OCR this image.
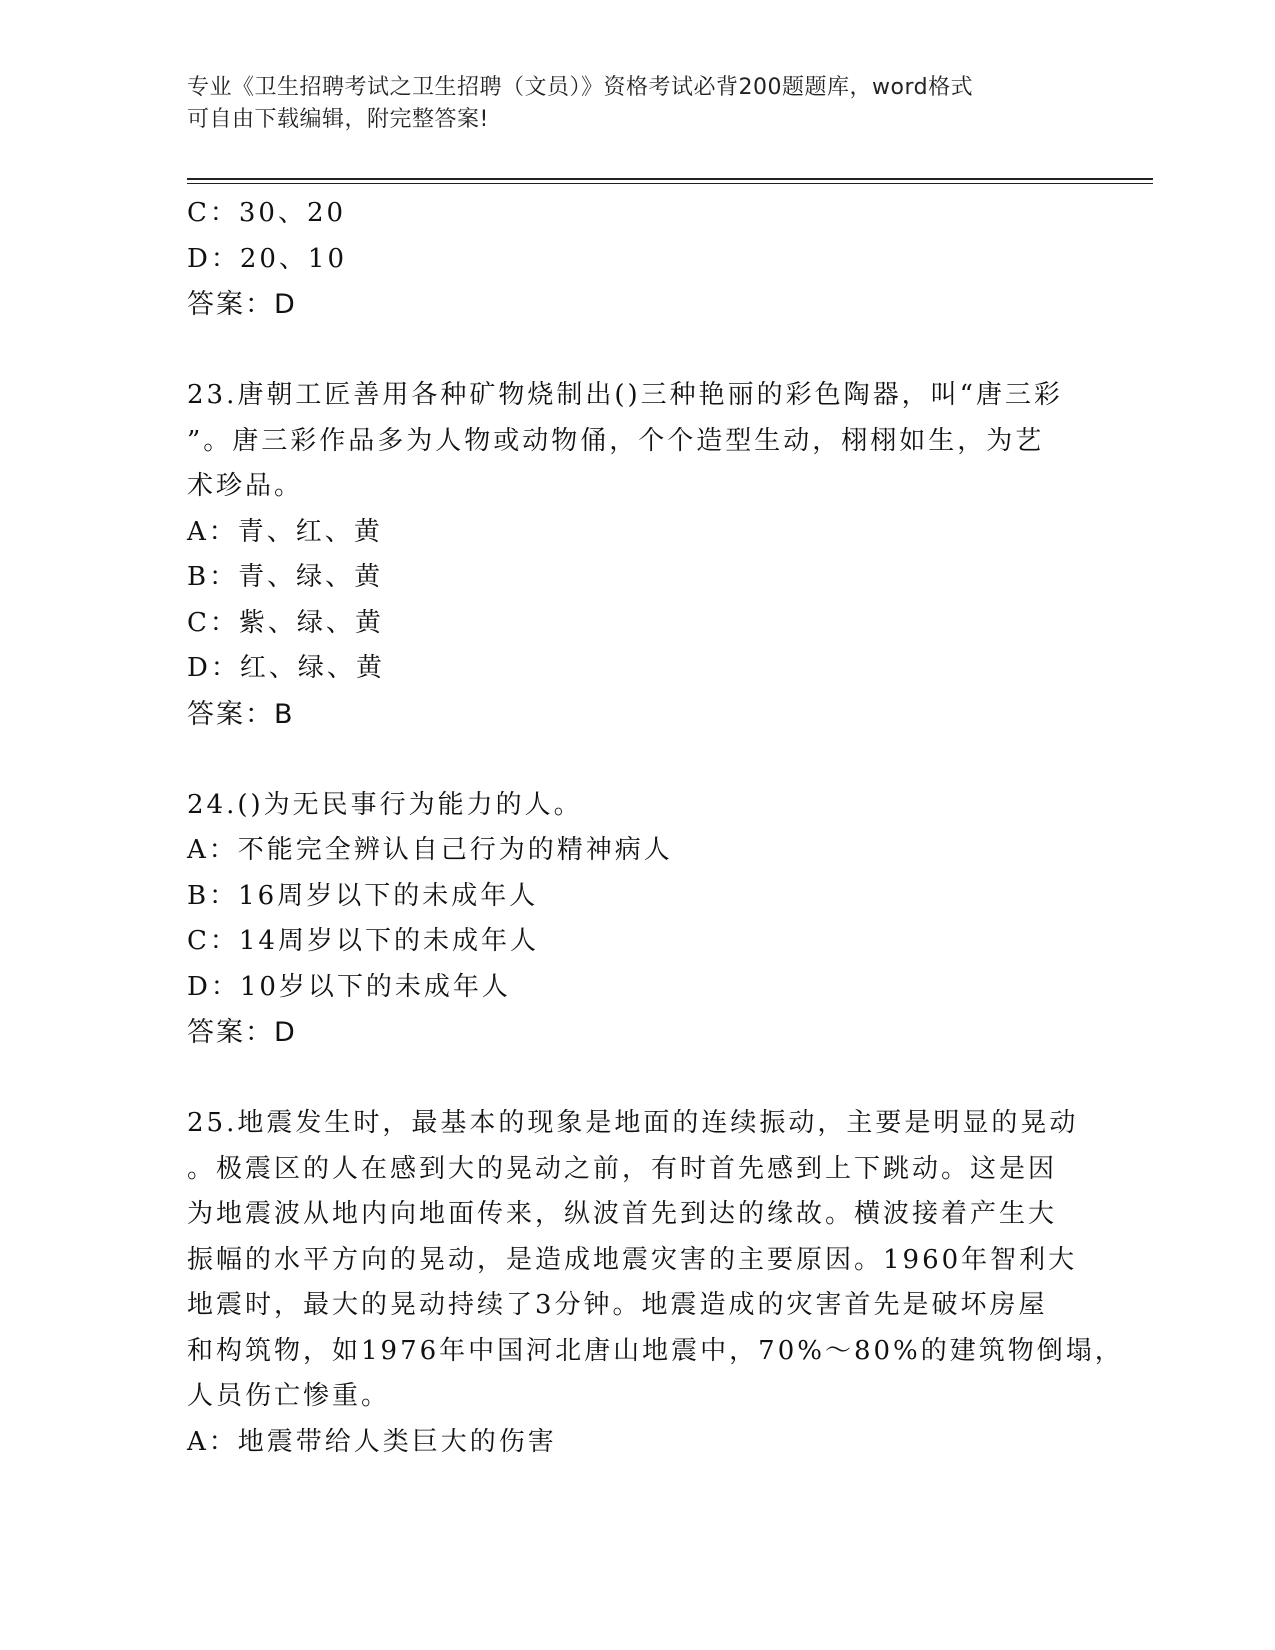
专业《卫生招聘考试之卫生招聘（文员）》资格考试必背200题题库，word格式
可自由下载编辑，附完整答案!

C：30、20

D：20、10

答案：D

23.唐朝工匠善用各种矿物烧制出()三种艳丽的彩色陶器，叫“唐三彩

”。唐三彩作品多为人物或动物俑，个个造型生动，栩栩如生，为艺

术珍品。

A：青、红、黄

B：青、绿、黄

C：紫、绿、黄

D：红、绿、黄

答案：B

24.()为无民事行为能力的人。

A：不能完全辨认自己行为的精神病人

B：16周岁以下的未成年人

C：14周岁以下的未成年人

D：10岁以下的未成年人

答案：D

25.地震发生时，最基本的现象是地面的连续振动，主要是明显的晃动

。极震区的人在感到大的晃动之前，有时首先感到上下跳动。这是因

为地震波从地内向地面传来，纵波首先到达的缘故。横波接着产生大

振幅的水平方向的晃动，是造成地震灾害的主要原因。1960年智利大

地震时，最大的晃动持续了3分钟。地震造成的灾害首先是破坏房屋

和构筑物，如1976年中国河北唐山地震中，70%～80%的建筑物倒塌，

人员伤亡惨重。

A：地震带给人类巨大的伤害
